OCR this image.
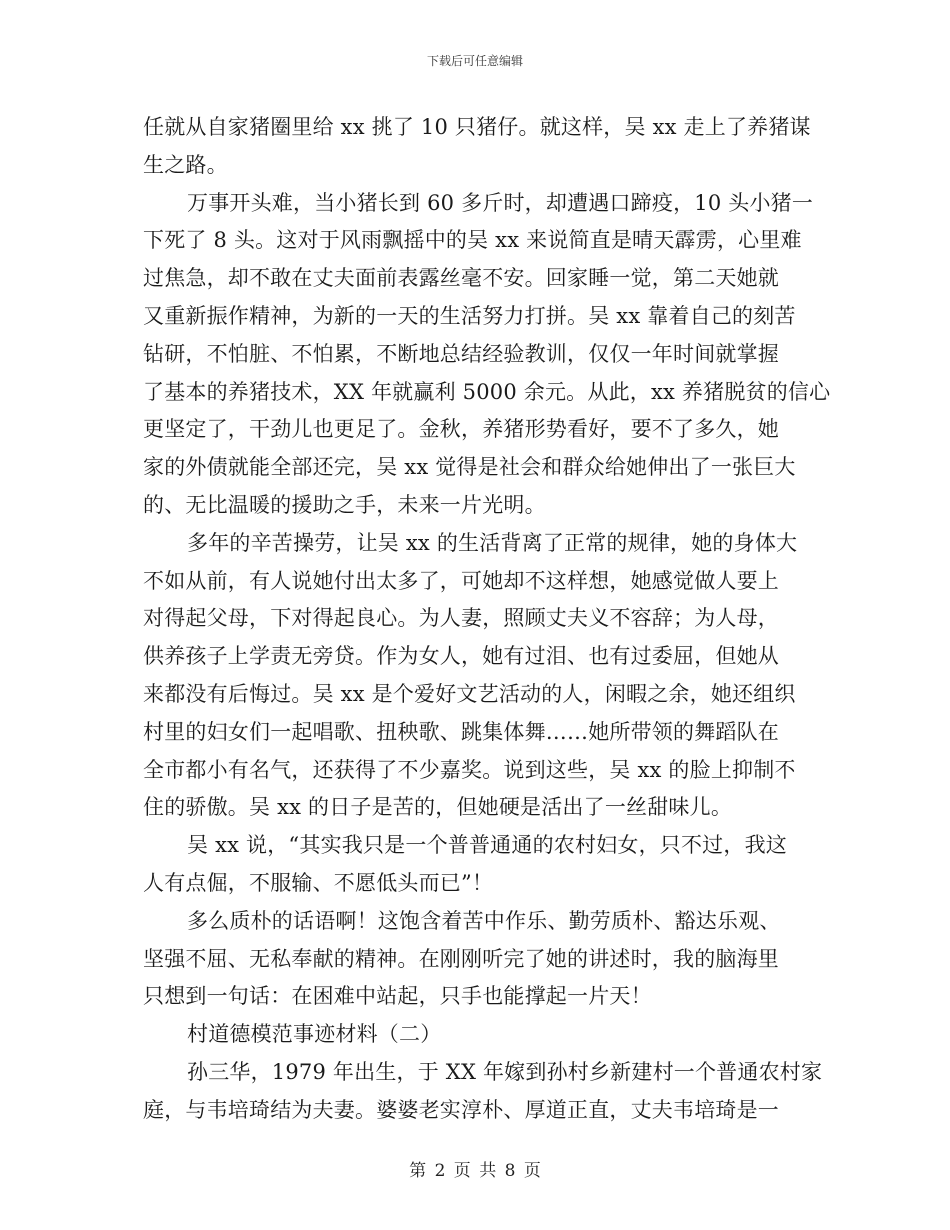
下载后可任意编辑
任就从自家猪圈里给 xx 挑了 10 只猪仔。就这样，吴 xx 走上了养猪谋
生之路。
万事开头难，当小猪长到 60 多斤时，却遭遇口蹄疫，10 头小猪一
下死了 8 头。这对于风雨飘摇中的吴 xx 来说简直是晴天霹雳，心里难
过焦急，却不敢在丈夫面前表露丝毫不安。回家睡一觉，第二天她就
又重新振作精神，为新的一天的生活努力打拼。吴 xx 靠着自己的刻苦
钻研，不怕脏、不怕累，不断地总结经验教训，仅仅一年时间就掌握
了基本的养猪技术，XX 年就赢利 5000 余元。从此，xx 养猪脱贫的信心
更坚定了，干劲儿也更足了。金秋，养猪形势看好，要不了多久，她
家的外债就能全部还完，吴 xx 觉得是社会和群众给她伸出了一张巨大
的、无比温暖的援助之手，未来一片光明。
多年的辛苦操劳，让吴 xx 的生活背离了正常的规律，她的身体大
不如从前，有人说她付出太多了，可她却不这样想，她感觉做人要上
对得起父母，下对得起良心。为人妻，照顾丈夫义不容辞；为人母，
供养孩子上学责无旁贷。作为女人，她有过泪、也有过委屈，但她从
来都没有后悔过。吴 xx 是个爱好文艺活动的人，闲暇之余，她还组织
村里的妇女们一起唱歌、扭秧歌、跳集体舞……她所带领的舞蹈队在
全市都小有名气，还获得了不少嘉奖。说到这些，吴 xx 的脸上抑制不
住的骄傲。吴 xx 的日子是苦的，但她硬是活出了一丝甜味儿。
吴 xx 说，“其实我只是一个普普通通的农村妇女，只不过，我这
人有点倔，不服输、不愿低头而已”！
多么质朴的话语啊！这饱含着苦中作乐、勤劳质朴、豁达乐观、
坚强不屈、无私奉献的精神。在刚刚听完了她的讲述时，我的脑海里
只想到一句话：在困难中站起，只手也能撑起一片天！
村道德模范事迹材料（二）
孙三华，1979 年出生，于 XX 年嫁到孙村乡新建村一个普通农村家
庭，与韦培琦结为夫妻。婆婆老实淳朴、厚道正直，丈夫韦培琦是一
第 2 页 共 8 页
